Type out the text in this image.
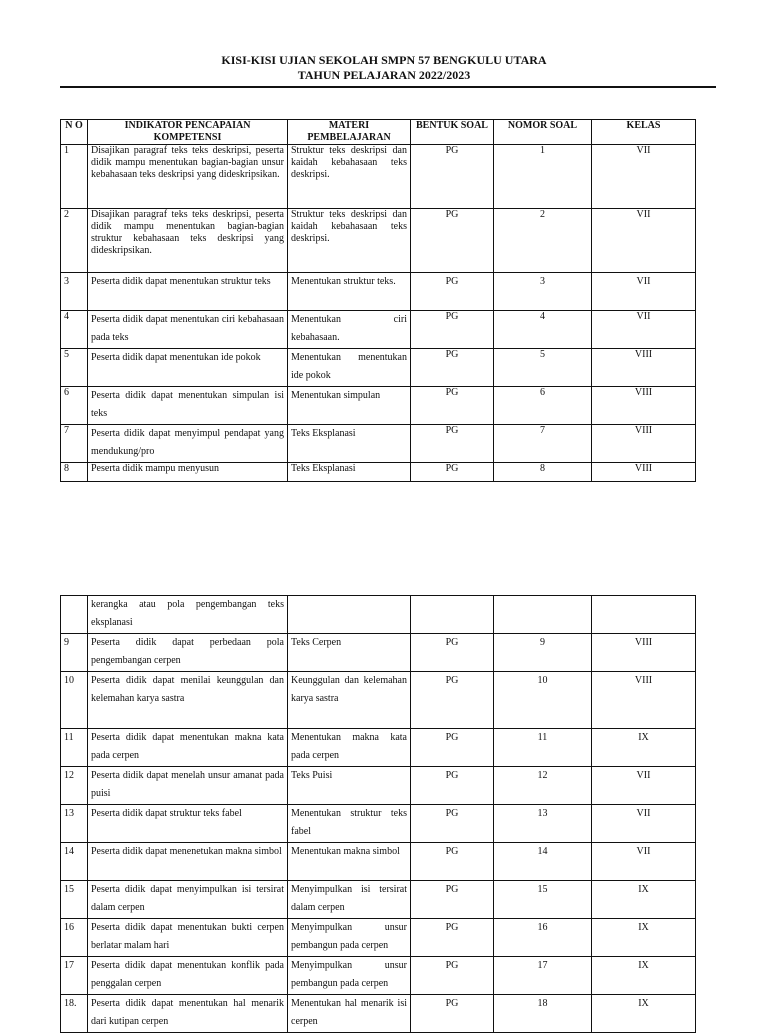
KISI-KISI UJIAN SEKOLAH SMPN 57 BENGKULU UTARA
TAHUN PELAJARAN 2022/2023
N O	INDIKATOR PENCAPAIAN KOMPETENSI	MATERI PEMBELAJARAN	BENTUK SOAL	NOMOR SOAL	KELAS
1	Disajikan paragraf teks teks deskripsi, peserta didik mampu menentukan bagian-bagian unsur kebahasaan teks deskripsi yang dideskripsikan.	Struktur teks deskripsi dan kaidah kebahasaan teks deskripsi.	PG	1	VII
2	Disajikan paragraf teks teks deskripsi, peserta didik mampu menentukan bagian-bagian struktur kebahasaan teks deskripsi yang dideskripsikan.	Struktur teks deskripsi dan kaidah kebahasaan teks deskripsi.	PG	2	VII
3	Peserta didik dapat menentukan struktur teks	Menentukan struktur teks.	PG	3	VII
4	Peserta didik dapat menentukan ciri kebahasaan pada teks	Menentukan ciri kebahasaan.	PG	4	VII
5	Peserta didik dapat menentukan ide pokok	Menentukan menentukan ide pokok	PG	5	VIII
6	Peserta didik dapat menentukan simpulan isi teks	Menentukan simpulan	PG	6	VIII
7	Peserta didik dapat menyimpul pendapat yang mendukung/pro	Teks Eksplanasi	PG	7	VIII
8	Peserta didik mampu menyusun	Teks Eksplanasi	PG	8	VIII
	kerangka atau pola pengembangan teks eksplanasi				
9	Peserta didik dapat perbedaan pola pengembangan cerpen	Teks Cerpen	PG	9	VIII
10	Peserta didik dapat menilai keunggulan dan kelemahan karya sastra	Keunggulan dan kelemahan karya sastra	PG	10	VIII
11	Peserta didik dapat menentukan makna kata pada cerpen	Menentukan makna kata pada cerpen	PG	11	IX
12	Peserta didik dapat menelah unsur amanat pada puisi	Teks Puisi	PG	12	VII
13	Peserta didik dapat struktur teks fabel	Menentukan struktur teks fabel	PG	13	VII
14	Peserta didik dapat menenetukan makna simbol	Menentukan makna simbol	PG	14	VII
15	Peserta didik dapat menyimpulkan isi tersirat dalam cerpen	Menyimpulkan isi tersirat dalam cerpen	PG	15	IX
16	Peserta didik dapat menentukan bukti cerpen berlatar malam hari	Menyimpulkan unsur pembangun pada cerpen	PG	16	IX
17	Peserta didik dapat menentukan konflik pada penggalan cerpen	Menyimpulkan unsur pembangun pada cerpen	PG	17	IX
18.	Peserta didik dapat menentukan hal menarik dari kutipan cerpen	Menentukan hal menarik isi cerpen	PG	18	IX
